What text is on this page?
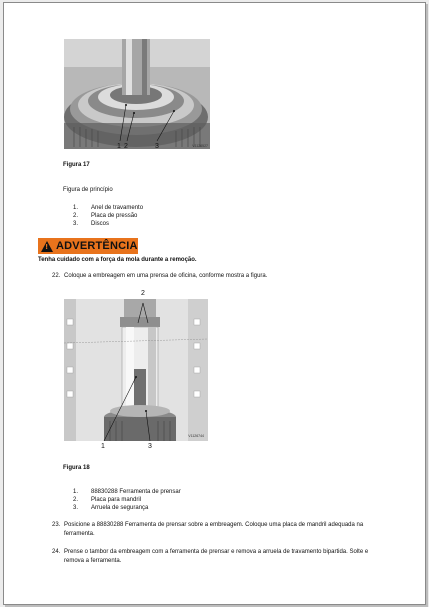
V1126527
1 2	3
Figura 17
Figura de princípio
1. Anel de travamento
2. Placa de pressão
3. Discos
!
ADVERTÊNCIA
Tenha cuidado com a força da mola durante a remoção.
22. Coloque a embreagem em uma prensa de oficina, conforme mostra a figura.
V1126744
2
1	3
Figura 18
1. 88830288 Ferramenta de prensar
2. Placa para mandril
3. Arruela de segurança
23. Posicione a 88830288 Ferramenta de prensar sobre a embreagem. Coloque uma placa de mandril adequada na
ferramenta.
24. Prense o tambor da embreagem com a ferramenta de prensar e remova a arruela de travamento bipartida. Solte e
remova a ferramenta.
